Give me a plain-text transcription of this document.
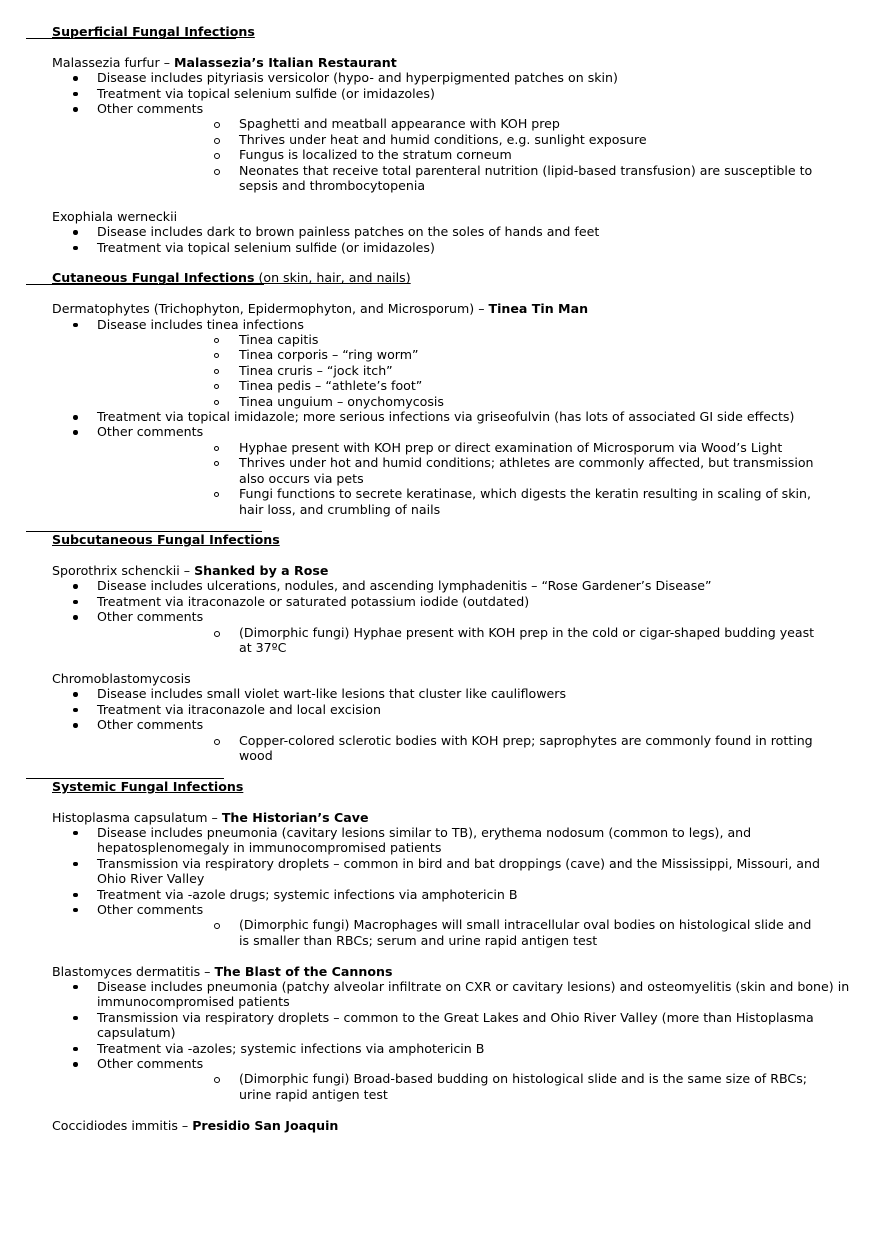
Superficial Fungal Infections
Malassezia furfur – Malassezia’s Italian Restaurant
Disease includes pityriasis versicolor (hypo- and hyperpigmented patches on skin)
Treatment via topical selenium sulfide (or imidazoles)
Other comments
Spaghetti and meatball appearance with KOH prep
Thrives under heat and humid conditions, e.g. sunlight exposure
Fungus is localized to the stratum corneum
Neonates that receive total parenteral nutrition (lipid-based transfusion) are susceptible to sepsis and thrombocytopenia
Exophiala werneckii
Disease includes dark to brown painless patches on the soles of hands and feet
Treatment via topical selenium sulfide (or imidazoles)
Cutaneous Fungal Infections (on skin, hair, and nails)
Dermatophytes (Trichophyton, Epidermophyton, and Microsporum) – Tinea Tin Man
Disease includes tinea infections
Tinea capitis
Tinea corporis – “ring worm”
Tinea cruris – “jock itch”
Tinea pedis – “athlete’s foot”
Tinea unguium – onychomycosis
Treatment via topical imidazole; more serious infections via griseofulvin (has lots of associated GI side effects)
Other comments
Hyphae present with KOH prep or direct examination of Microsporum via Wood’s Light
Thrives under hot and humid conditions; athletes are commonly affected, but transmission also occurs via pets
Fungi functions to secrete keratinase, which digests the keratin resulting in scaling of skin, hair loss, and crumbling of nails
Subcutaneous Fungal Infections
Sporothrix schenckii – Shanked by a Rose
Disease includes ulcerations, nodules, and ascending lymphadenitis – “Rose Gardener’s Disease”
Treatment via itraconazole or saturated potassium iodide (outdated)
Other comments
(Dimorphic fungi) Hyphae present with KOH prep in the cold or cigar-shaped budding yeast at 37ºC
Chromoblastomycosis
Disease includes small violet wart-like lesions that cluster like cauliflowers
Treatment via itraconazole and local excision
Other comments
Copper-colored sclerotic bodies with KOH prep; saprophytes are commonly found in rotting wood
Systemic Fungal Infections
Histoplasma capsulatum – The Historian’s Cave
Disease includes pneumonia (cavitary lesions similar to TB), erythema nodosum (common to legs), and hepatosplenomegaly in immunocompromised patients
Transmission via respiratory droplets – common in bird and bat droppings (cave) and the Mississippi, Missouri, and Ohio River Valley
Treatment via -azole drugs; systemic infections via amphotericin B
Other comments
(Dimorphic fungi) Macrophages will small intracellular oval bodies on histological slide and is smaller than RBCs; serum and urine rapid antigen test
Blastomyces dermatitis – The Blast of the Cannons
Disease includes pneumonia (patchy alveolar infiltrate on CXR or cavitary lesions) and osteomyelitis (skin and bone) in immunocompromised patients
Transmission via respiratory droplets – common to the Great Lakes and Ohio River Valley (more than Histoplasma capsulatum)
Treatment via -azoles; systemic infections via amphotericin B
Other comments
(Dimorphic fungi) Broad-based budding on histological slide and is the same size of RBCs; urine rapid antigen test
Coccidiodes immitis – Presidio San Joaquin
